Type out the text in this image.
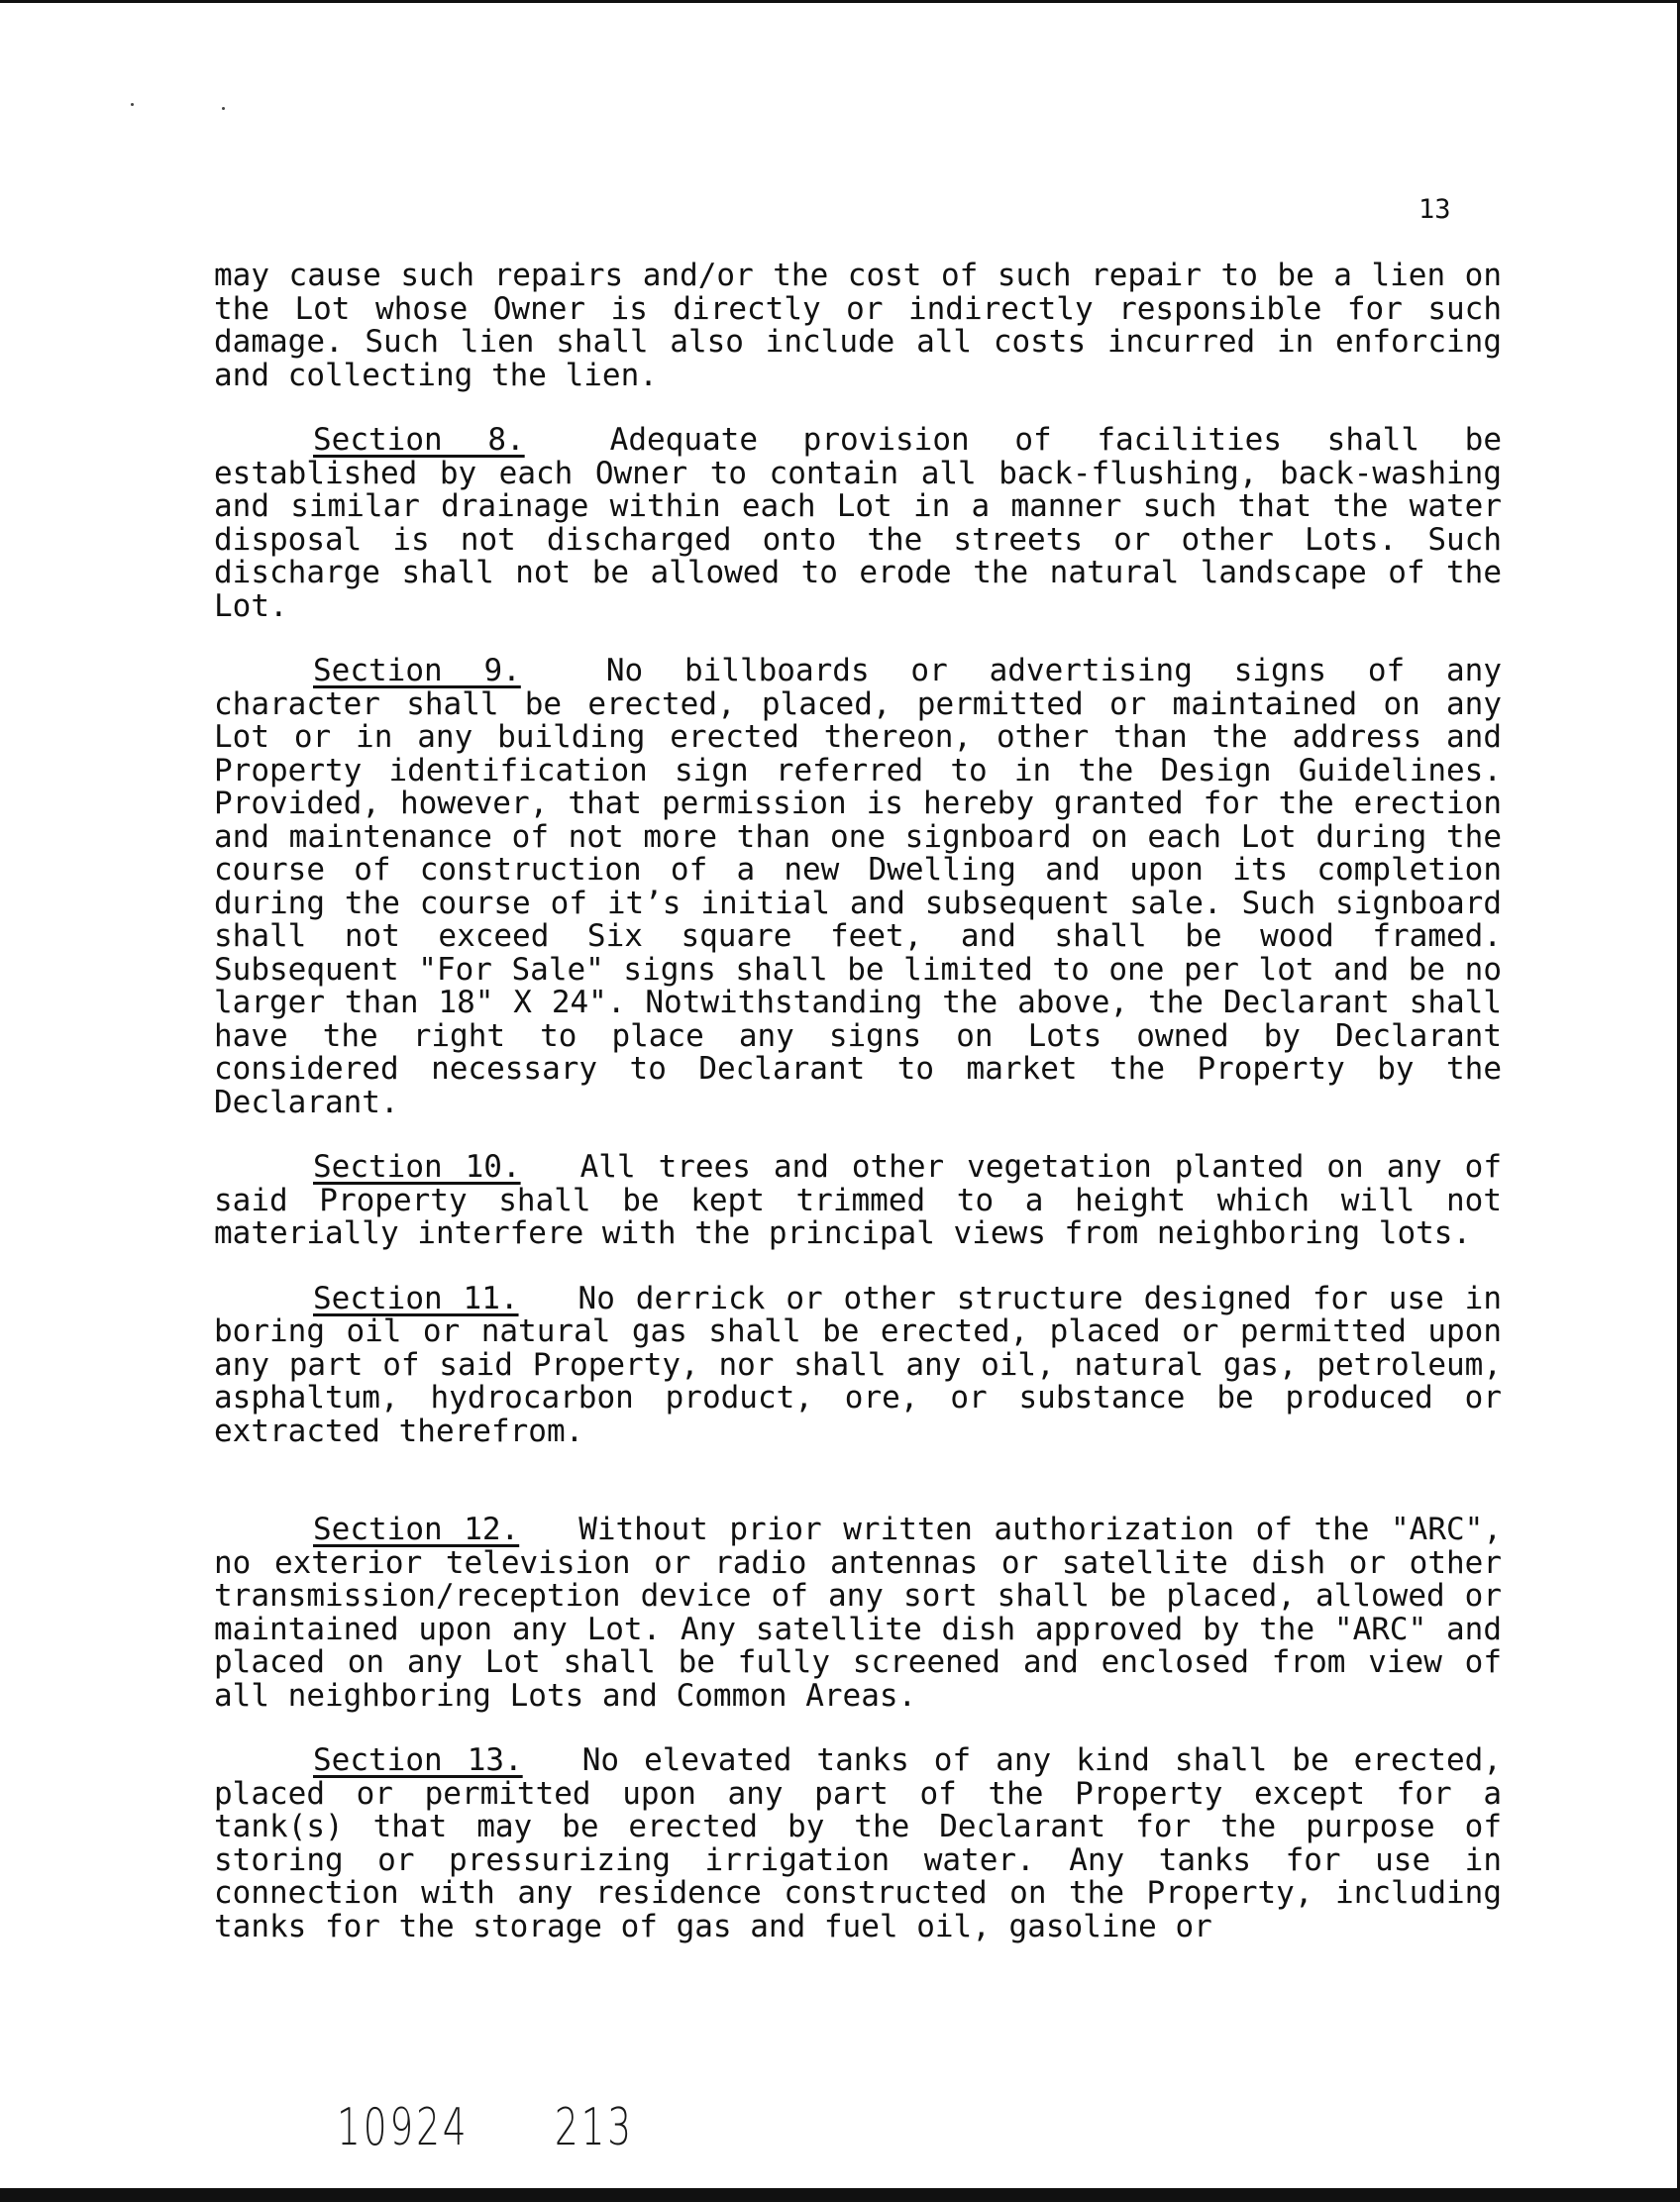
13

may cause such repairs and/or the cost of such repair to be a lien on the Lot whose Owner is directly or indirectly responsible for such damage. Such lien shall also include all costs incurred in enforcing and collecting the lien.

Section 8.	Adequate provision of facilities shall be established by each Owner to contain all back-flushing, back-washing and similar drainage within each Lot in a manner such that the water disposal is not discharged onto the streets or other Lots. Such discharge shall not be allowed to erode the natural landscape of the Lot.

Section 9.	No billboards or advertising signs of any character shall be erected, placed, permitted or maintained on any Lot or in any building erected thereon, other than the address and Property identification sign referred to in the Design Guidelines. Provided, however, that permission is hereby granted for the erection and maintenance of not more than one signboard on each Lot during the course of construction of a new Dwelling and upon its completion during the course of it’s initial and subsequent sale. Such signboard shall not exceed Six square feet, and shall be wood framed. Subsequent "For Sale" signs shall be limited to one per lot and be no larger than 18" X 24". Notwithstanding the above, the Declarant shall have the right to place any signs on Lots owned by Declarant considered necessary to Declarant to market the Property by the Declarant.

Section 10. All trees and other vegetation planted on any of said Property shall be kept trimmed to a height which will not materially interfere with the principal views from neighboring lots.

Section 11. No derrick or other structure designed for use in boring oil or natural gas shall be erected, placed or permitted upon any part of said Property, nor shall any oil, natural gas, petroleum, asphaltum, hydrocarbon product, ore, or substance be produced or extracted therefrom.

Section 12. Without prior written authorization of the "ARC", no exterior television or radio antennas or satellite dish or other transmission/reception device of any sort shall be placed, allowed or maintained upon any Lot. Any satellite dish approved by the "ARC" and placed on any Lot shall be fully screened and enclosed from view of all neighboring Lots and Common Areas.

Section 13. No elevated tanks of any kind shall be erected, placed or permitted upon any part of the Property except for a tank(s) that may be erected by the Declarant for the purpose of storing or pressurizing irrigation water. Any tanks for use in connection with any residence constructed on the Property, including tanks for the storage of gas and fuel oil, gasoline or

10924 213
